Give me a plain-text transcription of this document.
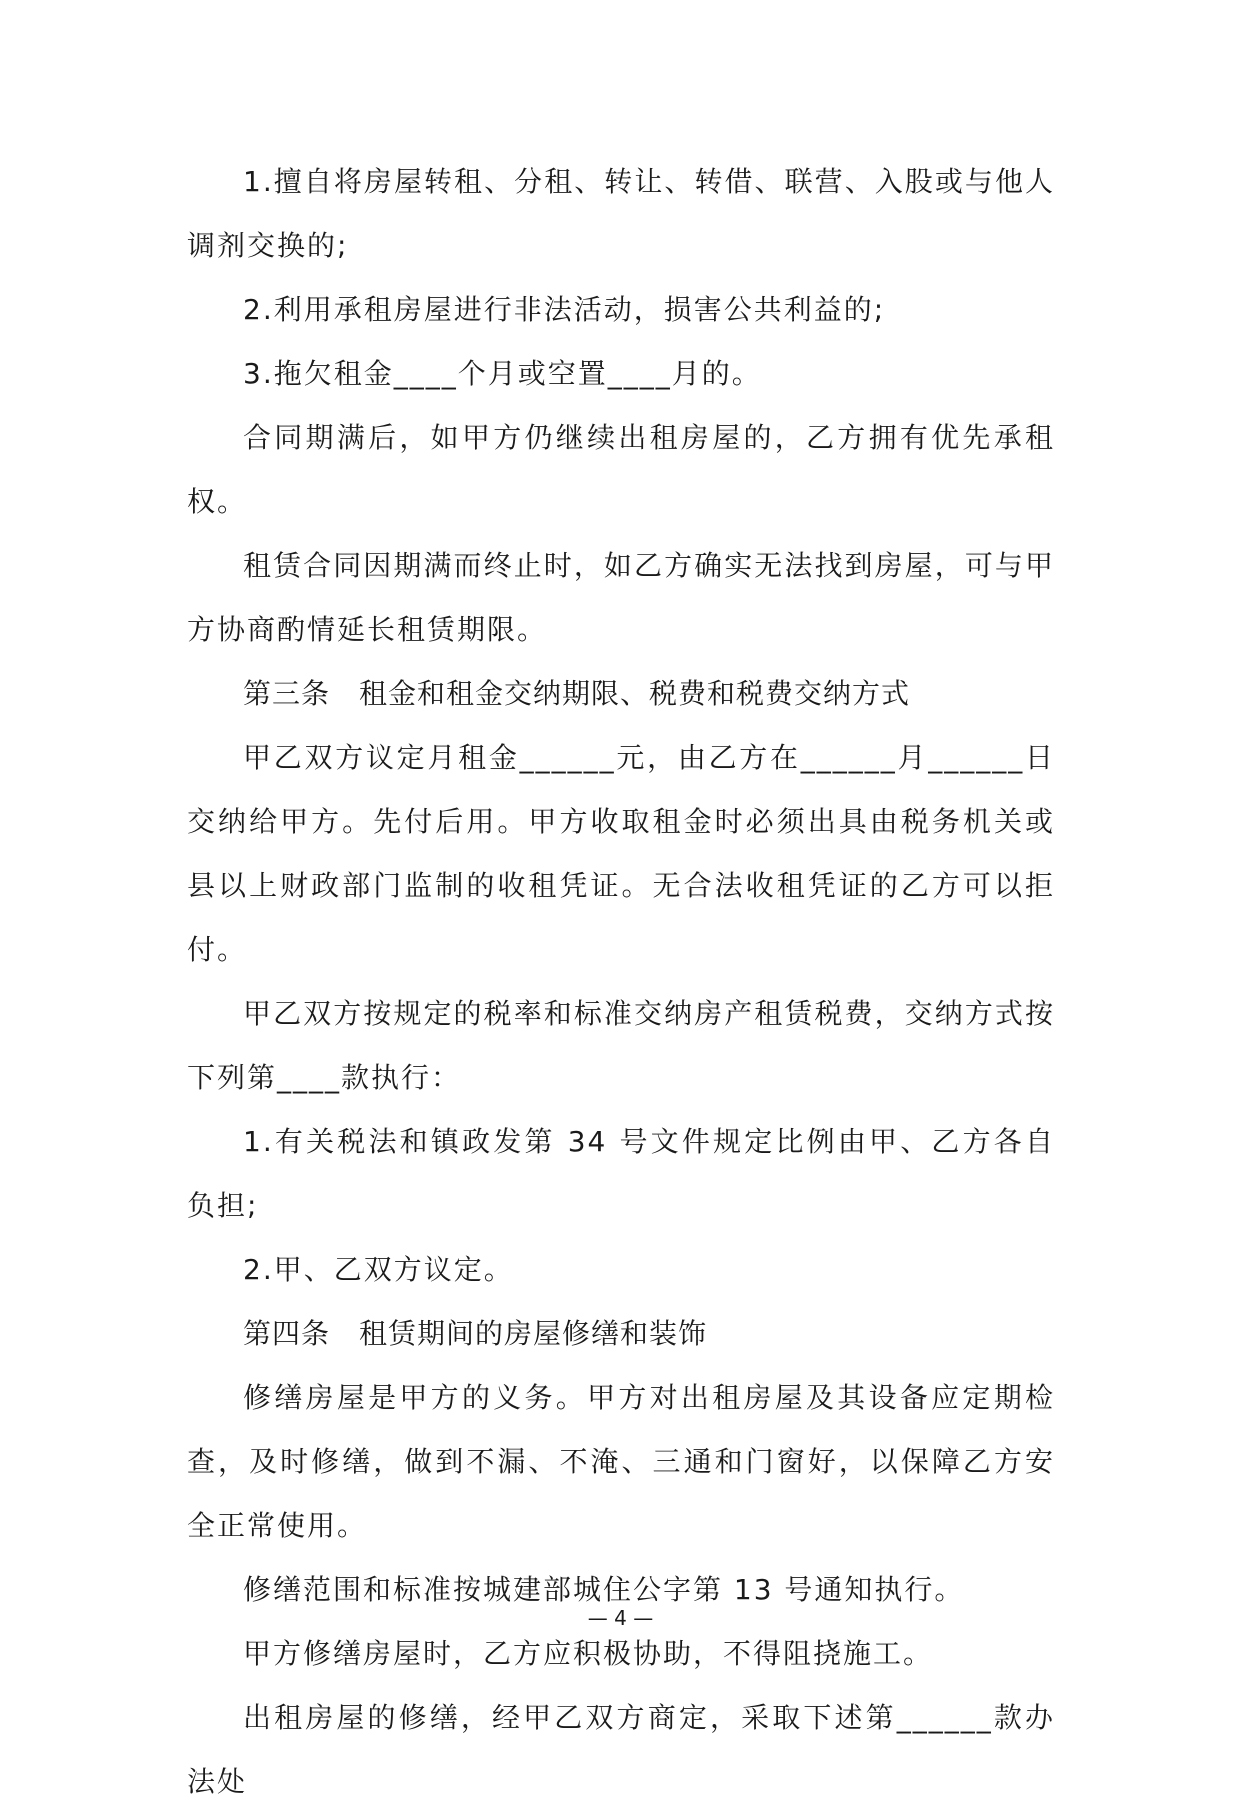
1.擅自将房屋转租、分租、转让、转借、联营、入股或与他人调剂交换的;

2.利用承租房屋进行非法活动，损害公共利益的;

3.拖欠租金____个月或空置____月的。

合同期满后，如甲方仍继续出租房屋的，乙方拥有优先承租权。

租赁合同因期满而终止时，如乙方确实无法找到房屋，可与甲方协商酌情延长租赁期限。

第三条　租金和租金交纳期限、税费和税费交纳方式

甲乙双方议定月租金______元，由乙方在______月______日交纳给甲方。先付后用。甲方收取租金时必须出具由税务机关或县以上财政部门监制的收租凭证。无合法收租凭证的乙方可以拒付。

甲乙双方按规定的税率和标准交纳房产租赁税费，交纳方式按下列第____款执行：

1.有关税法和镇政发第 34 号文件规定比例由甲、乙方各自负担;

2.甲、乙双方议定。

第四条　租赁期间的房屋修缮和装饰

修缮房屋是甲方的义务。甲方对出租房屋及其设备应定期检查，及时修缮，做到不漏、不淹、三通和门窗好，以保障乙方安全正常使用。

修缮范围和标准按城建部城住公字第 13 号通知执行。

甲方修缮房屋时，乙方应积极协助，不得阻挠施工。

出租房屋的修缮，经甲乙双方商定，采取下述第______款办法处

— 4 —
